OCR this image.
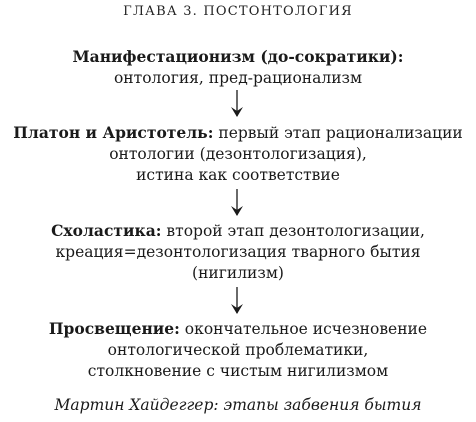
ГЛАВА 3. ПОСТОНТОЛОГИЯ
Манифестационизм (до-сократики):
онтология, пред-рационализм
Платон и Аристотель: первый этап рационализации
онтологии (дезонтологизация),
истина как соответствие
Схоластика: второй этап дезонтологизации,
креация=дезонтологизация тварного бытия
(нигилизм)
Просвещение: окончательное исчезновение
онтологической проблематики,
столкновение с чистым нигилизмом
Мартин Хайдеггер: этапы забвения бытия
